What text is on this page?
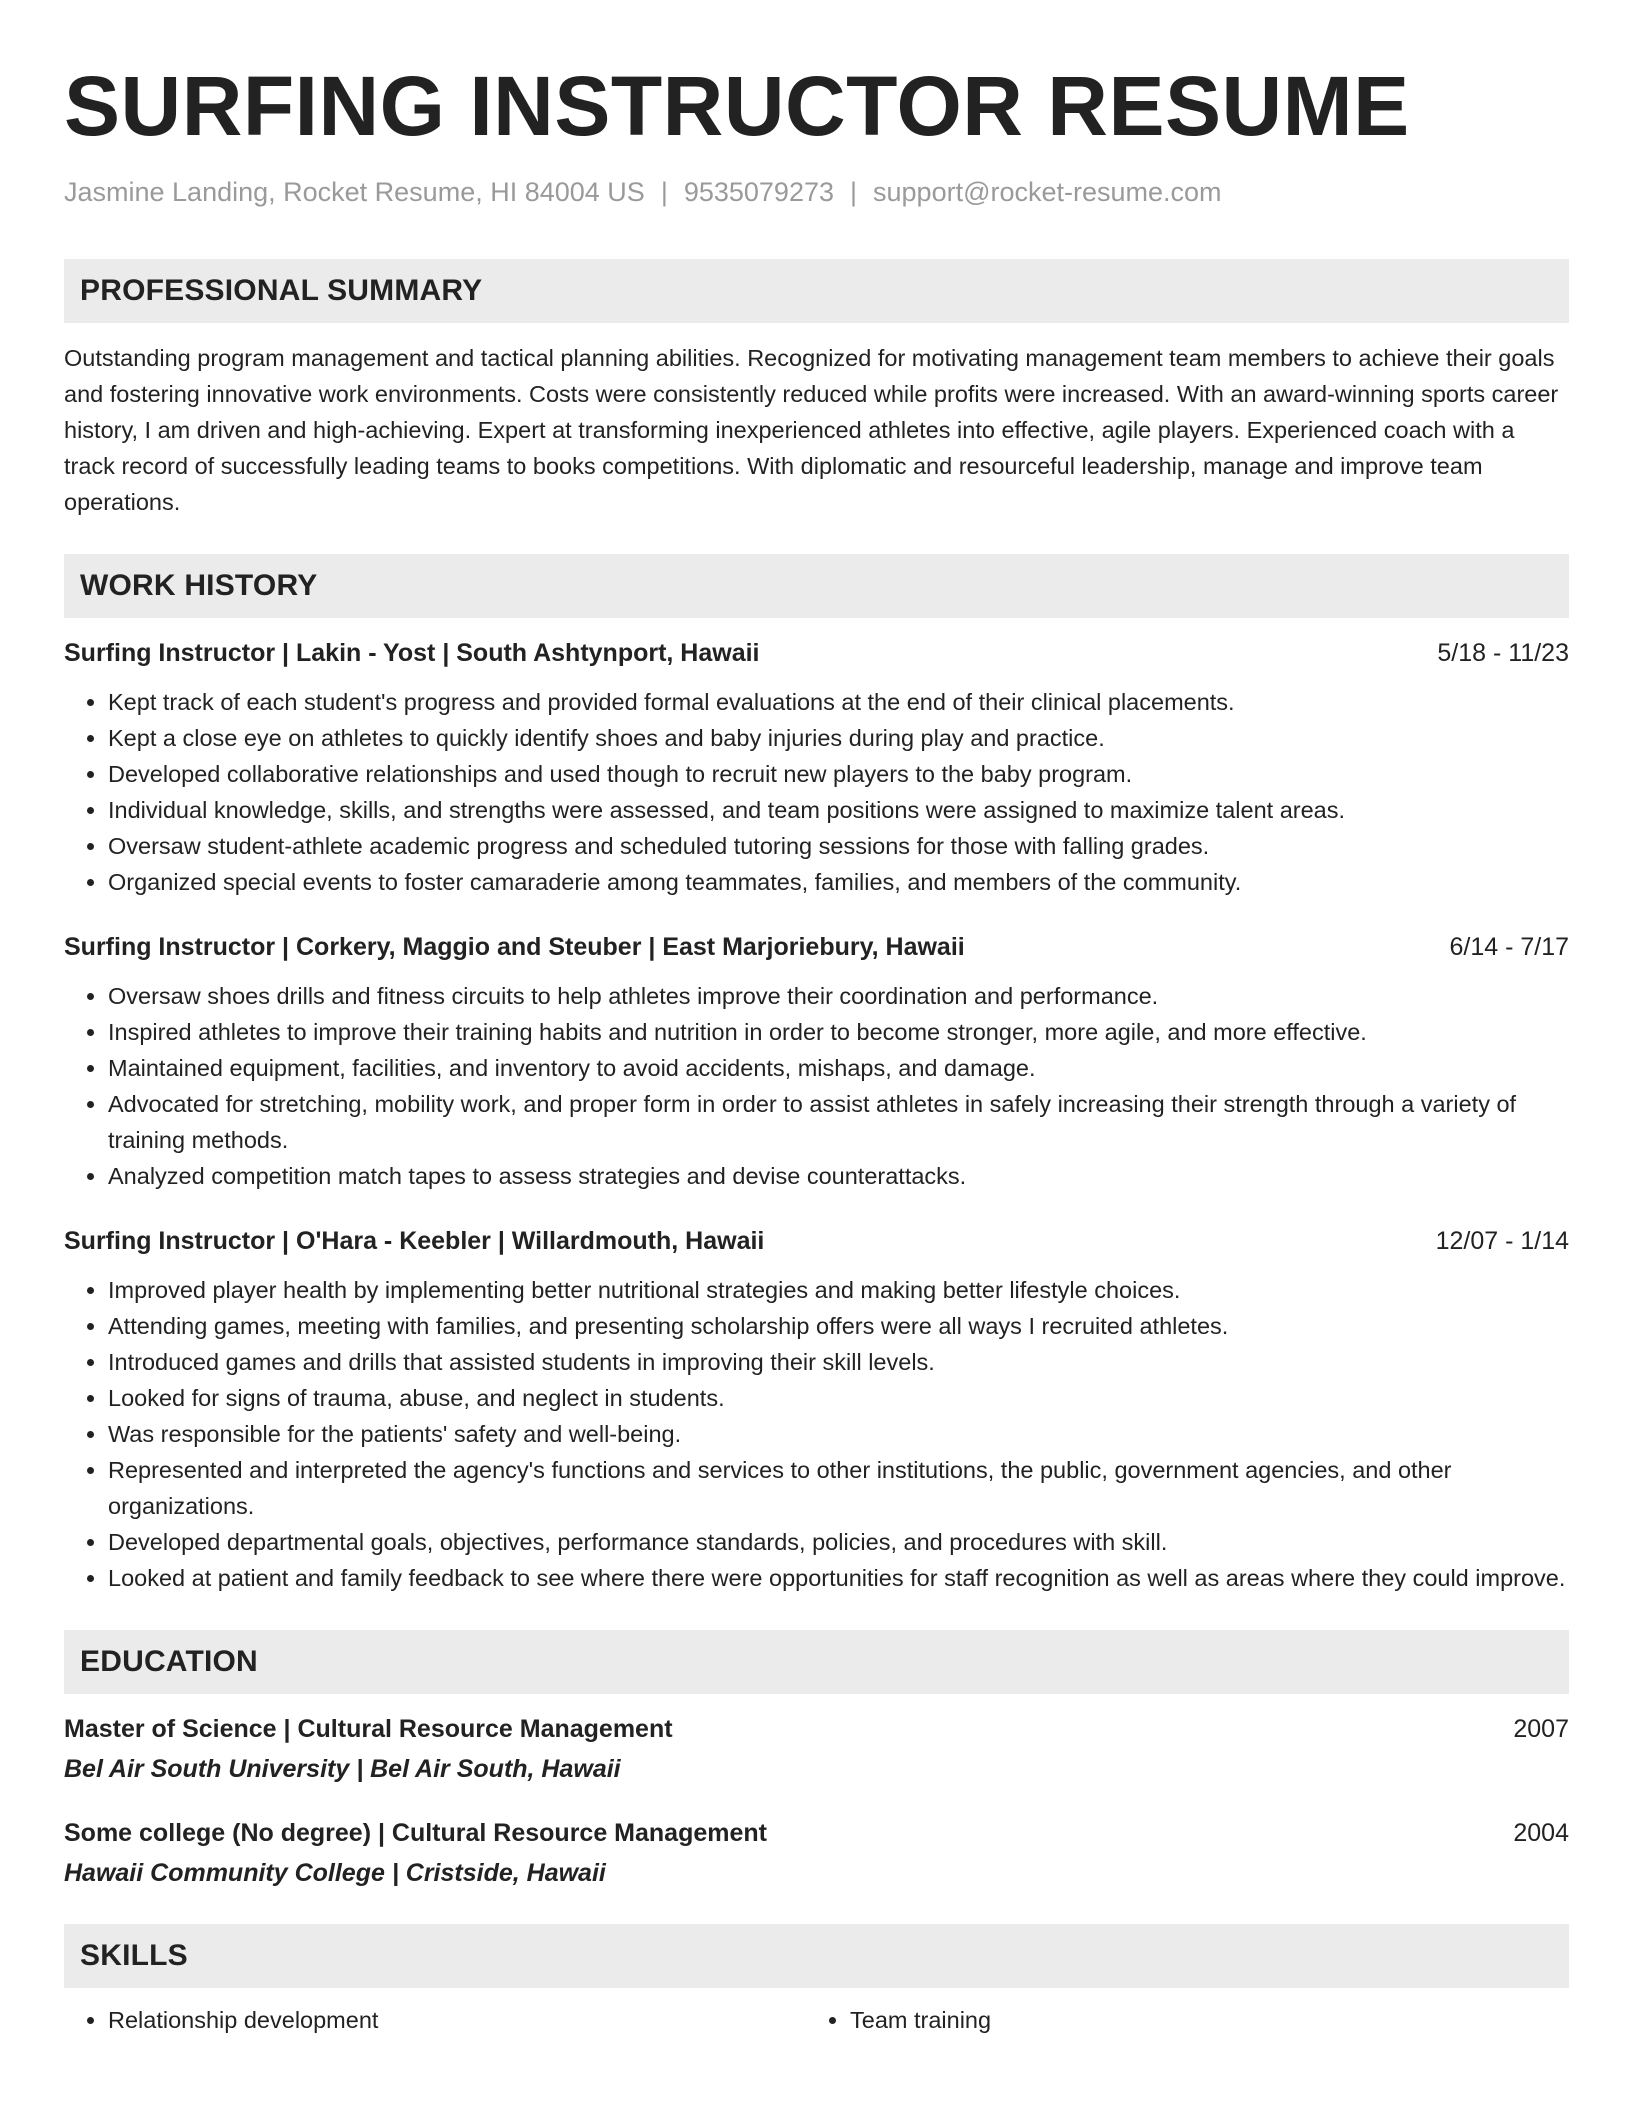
SURFING INSTRUCTOR RESUME
Jasmine Landing, Rocket Resume, HI 84004 US | 9535079273 | support@rocket-resume.com
PROFESSIONAL SUMMARY
Outstanding program management and tactical planning abilities. Recognized for motivating management team members to achieve their goals and fostering innovative work environments. Costs were consistently reduced while profits were increased. With an award-winning sports career history, I am driven and high-achieving. Expert at transforming inexperienced athletes into effective, agile players. Experienced coach with a track record of successfully leading teams to books competitions. With diplomatic and resourceful leadership, manage and improve team operations.
WORK HISTORY
Surfing Instructor | Lakin - Yost | South Ashtynport, Hawaii	5/18 - 11/23
• Kept track of each student's progress and provided formal evaluations at the end of their clinical placements.
• Kept a close eye on athletes to quickly identify shoes and baby injuries during play and practice.
• Developed collaborative relationships and used though to recruit new players to the baby program.
• Individual knowledge, skills, and strengths were assessed, and team positions were assigned to maximize talent areas.
• Oversaw student-athlete academic progress and scheduled tutoring sessions for those with falling grades.
• Organized special events to foster camaraderie among teammates, families, and members of the community.
Surfing Instructor | Corkery, Maggio and Steuber | East Marjoriebury, Hawaii	6/14 - 7/17
• Oversaw shoes drills and fitness circuits to help athletes improve their coordination and performance.
• Inspired athletes to improve their training habits and nutrition in order to become stronger, more agile, and more effective.
• Maintained equipment, facilities, and inventory to avoid accidents, mishaps, and damage.
• Advocated for stretching, mobility work, and proper form in order to assist athletes in safely increasing their strength through a variety of training methods.
• Analyzed competition match tapes to assess strategies and devise counterattacks.
Surfing Instructor | O'Hara - Keebler | Willardmouth, Hawaii	12/07 - 1/14
• Improved player health by implementing better nutritional strategies and making better lifestyle choices.
• Attending games, meeting with families, and presenting scholarship offers were all ways I recruited athletes.
• Introduced games and drills that assisted students in improving their skill levels.
• Looked for signs of trauma, abuse, and neglect in students.
• Was responsible for the patients' safety and well-being.
• Represented and interpreted the agency's functions and services to other institutions, the public, government agencies, and other organizations.
• Developed departmental goals, objectives, performance standards, policies, and procedures with skill.
• Looked at patient and family feedback to see where there were opportunities for staff recognition as well as areas where they could improve.
EDUCATION
Master of Science | Cultural Resource Management	2007
Bel Air South University | Bel Air South, Hawaii
Some college (No degree) | Cultural Resource Management	2004
Hawaii Community College | Cristside, Hawaii
SKILLS
• Relationship development
•	Team training
